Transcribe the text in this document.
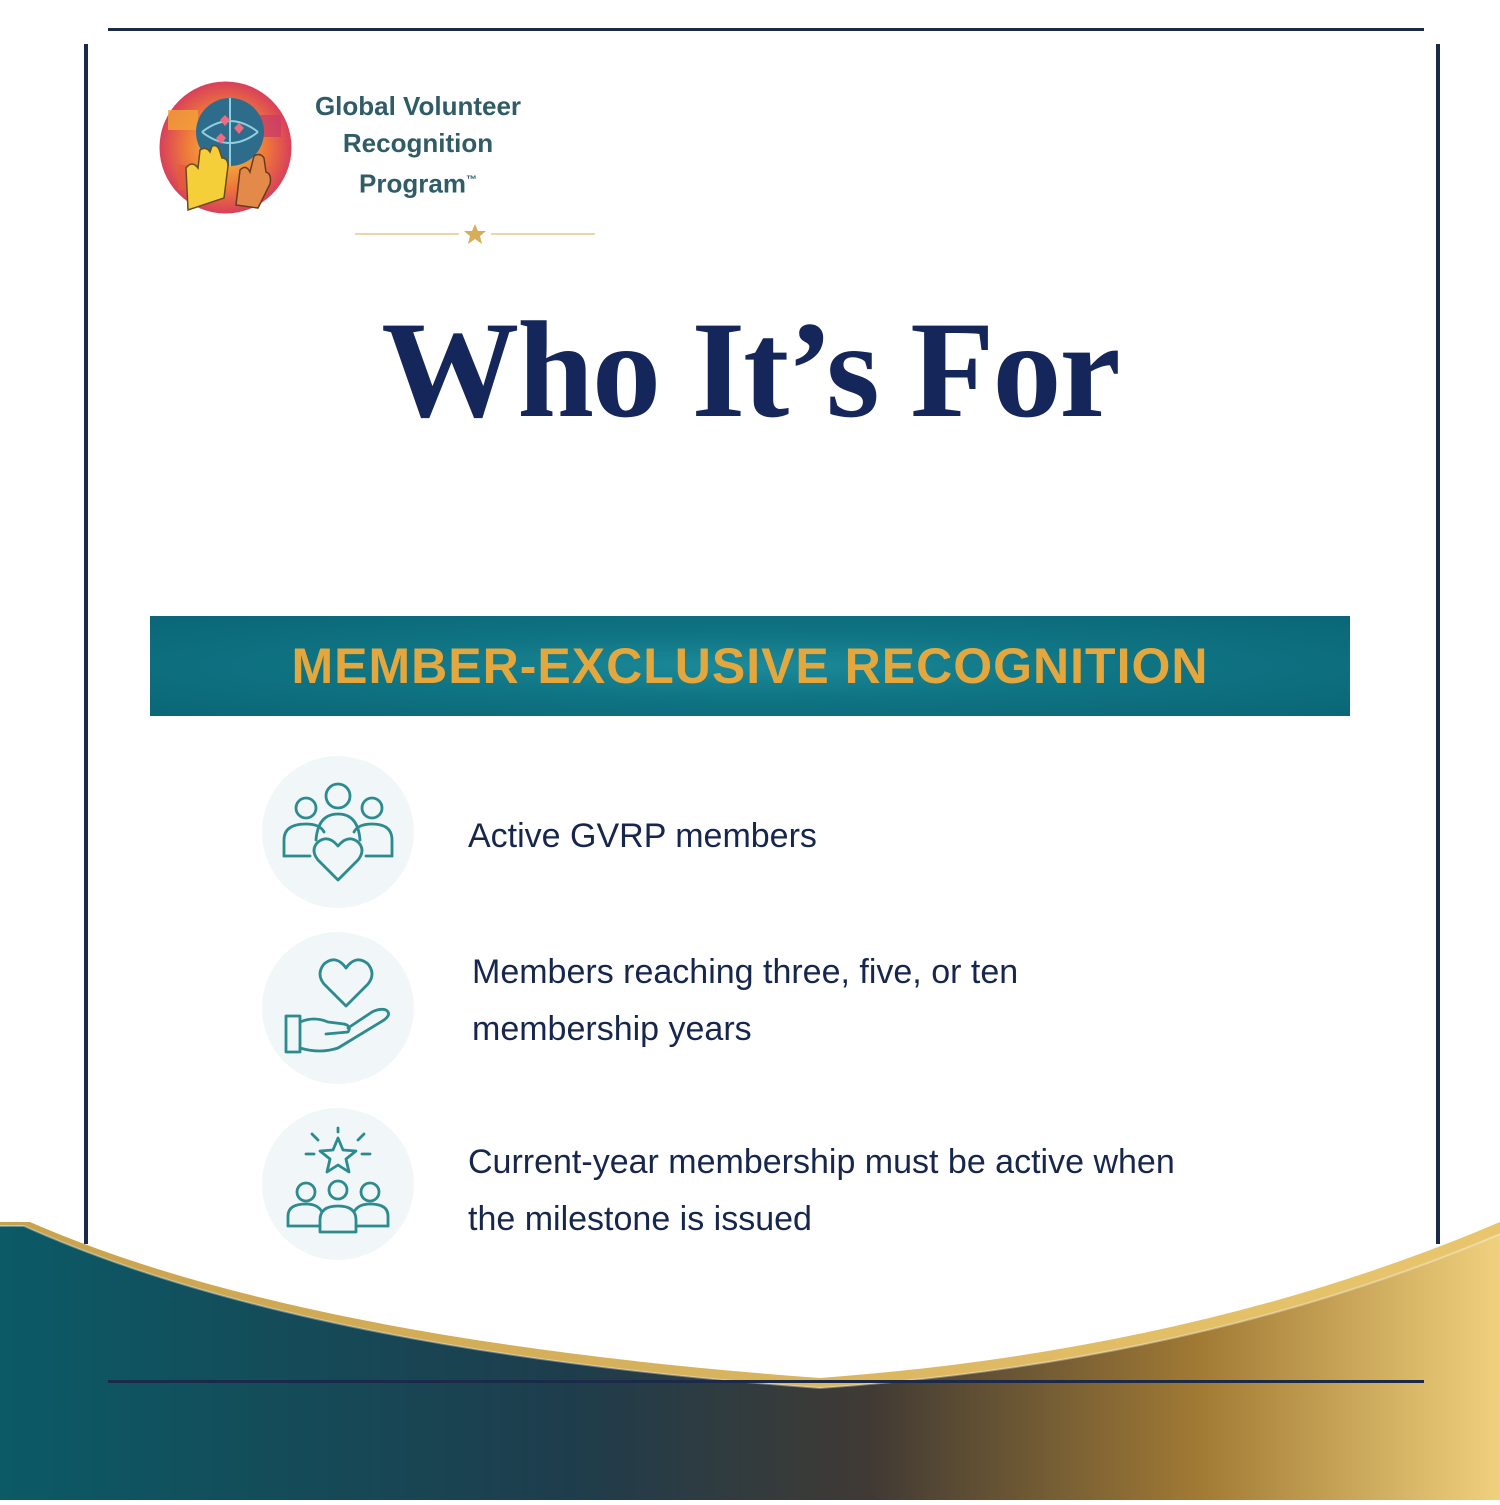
Global Volunteer
Recognition
Program™
Who It’s For
MEMBER-EXCLUSIVE RECOGNITION
Active GVRP members
Members reaching three, five, or ten
membership years
Current-year membership must be active when
the milestone is issued
